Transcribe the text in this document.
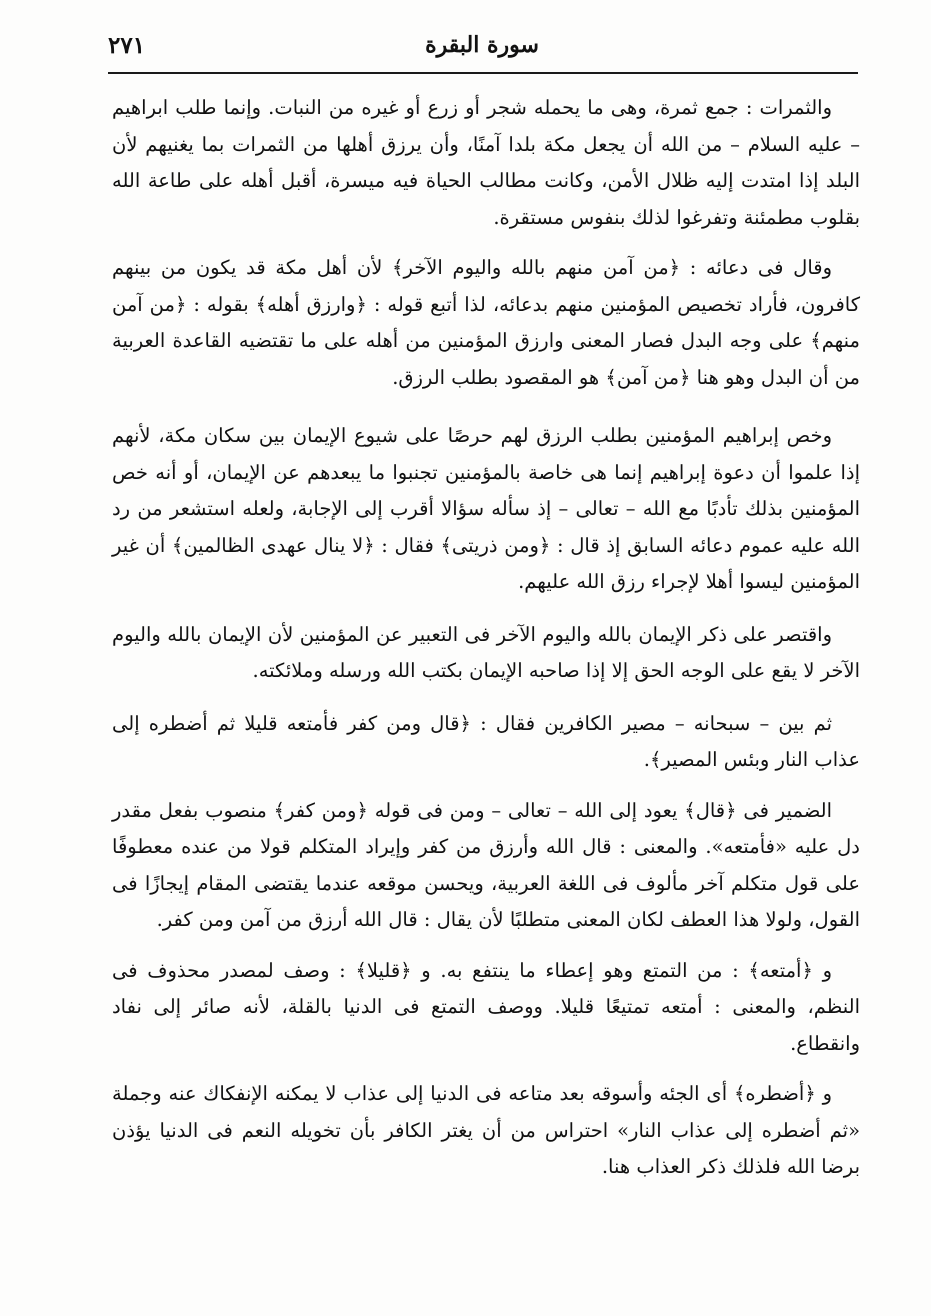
٢٧١	سورة البقرة

والثمرات : جمع ثمرة، وهى ما يحمله شجر أو زرع أو غيره من النبات. وإنما طلب ابراهيم – عليه السلام – من الله أن يجعل مكة بلدا آمنًا، وأن يرزق أهلها من الثمرات بما يغنيهم لأن البلد إذا امتدت إليه ظلال الأمن، وكانت مطالب الحياة فيه ميسرة، أقبل أهله على طاعة الله بقلوب مطمئنة وتفرغوا لذلك بنفوس مستقرة.

وقال فى دعائه : ﴿من آمن منهم بالله واليوم الآخر﴾ لأن أهل مكة قد يكون من بينهم كافرون، فأراد تخصيص المؤمنين منهم بدعائه، لذا أتبع قوله : ﴿وارزق أهله﴾ بقوله : ﴿من آمن منهم﴾ على وجه البدل فصار المعنى وارزق المؤمنين من أهله على ما تقتضيه القاعدة العربية من أن البدل وهو هنا ﴿من آمن﴾ هو المقصود بطلب الرزق.

وخص إبراهيم المؤمنين بطلب الرزق لهم حرصًا على شيوع الإيمان بين سكان مكة، لأنهم إذا علموا أن دعوة إبراهيم إنما هى خاصة بالمؤمنين تجنبوا ما يبعدهم عن الإيمان، أو أنه خص المؤمنين بذلك تأدبًا مع الله – تعالى – إذ سأله سؤالا أقرب إلى الإجابة، ولعله استشعر من رد الله عليه عموم دعائه السابق إذ قال : ﴿ومن ذريتى﴾ فقال : ﴿لا ينال عهدى الظالمين﴾ أن غير المؤمنين ليسوا أهلا لإجراء رزق الله عليهم.

واقتصر على ذكر الإيمان بالله واليوم الآخر فى التعبير عن المؤمنين لأن الإيمان بالله واليوم الآخر لا يقع على الوجه الحق إلا إذا صاحبه الإيمان بكتب الله ورسله وملائكته.

ثم بين – سبحانه – مصير الكافرين فقال : ﴿قال ومن كفر فأمتعه قليلا ثم أضطره إلى عذاب النار وبئس المصير﴾.

الضمير فى ﴿قال﴾ يعود إلى الله – تعالى – ومن فى قوله ﴿ومن كفر﴾ منصوب بفعل مقدر دل عليه «فأمتعه». والمعنى : قال الله وأرزق من كفر وإيراد المتكلم قولا من عنده معطوفًا على قول متكلم آخر مألوف فى اللغة العربية، ويحسن موقعه عندما يقتضى المقام إيجازًا فى القول، ولولا هذا العطف لكان المعنى متطلبًا لأن يقال : قال الله أرزق من آمن ومن كفر.

و ﴿أمتعه﴾ : من التمتع وهو إعطاء ما ينتفع به. و ﴿قليلا﴾ : وصف لمصدر محذوف فى النظم، والمعنى : أمتعه تمتيعًا قليلا. ووصف التمتع فى الدنيا بالقلة، لأنه صائر إلى نفاد وانقطاع.

و ﴿أضطره﴾ أى الجئه وأسوقه بعد متاعه فى الدنيا إلى عذاب لا يمكنه الإنفكاك عنه وجملة «ثم أضطره إلى عذاب النار» احتراس من أن يغتر الكافر بأن تخويله النعم فى الدنيا يؤذن برضا الله فلذلك ذكر العذاب هنا.
